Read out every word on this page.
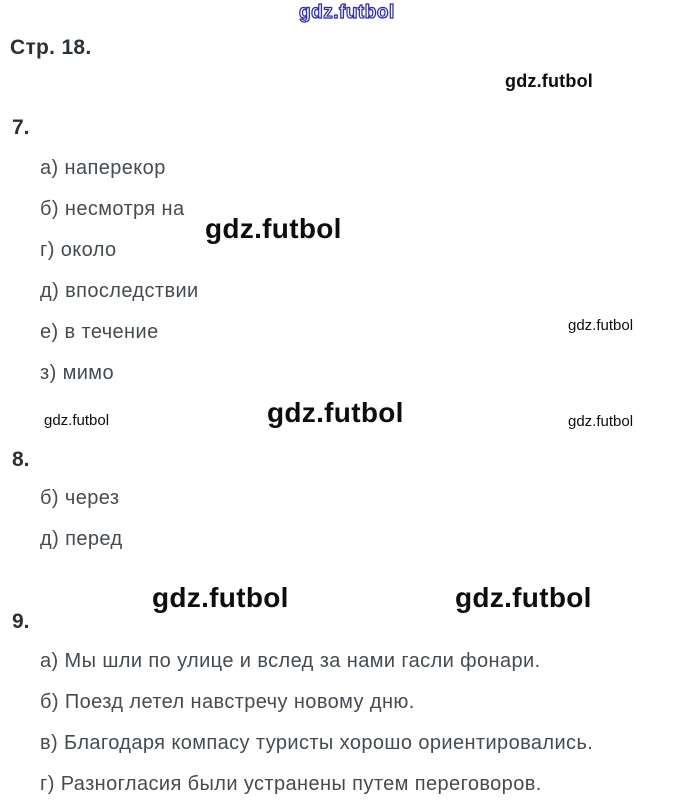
gdz.futbol
Стр. 18.
gdz.futbol
7.
а) наперекор
б) несмотря на
г) около
д) впоследствии
е) в течение
з) мимо
gdz.futbol
gdz.futbol
gdz.futbol	gdz.futbol	gdz.futbol
8.
б) через
д) перед
gdz.futbol	gdz.futbol
9.
а) Мы шли по улице и вслед за нами гасли фонари.
б) Поезд летел навстречу новому дню.
в) Благодаря компасу туристы хорошо ориентировались.
г) Разногласия были устранены путем переговоров.
